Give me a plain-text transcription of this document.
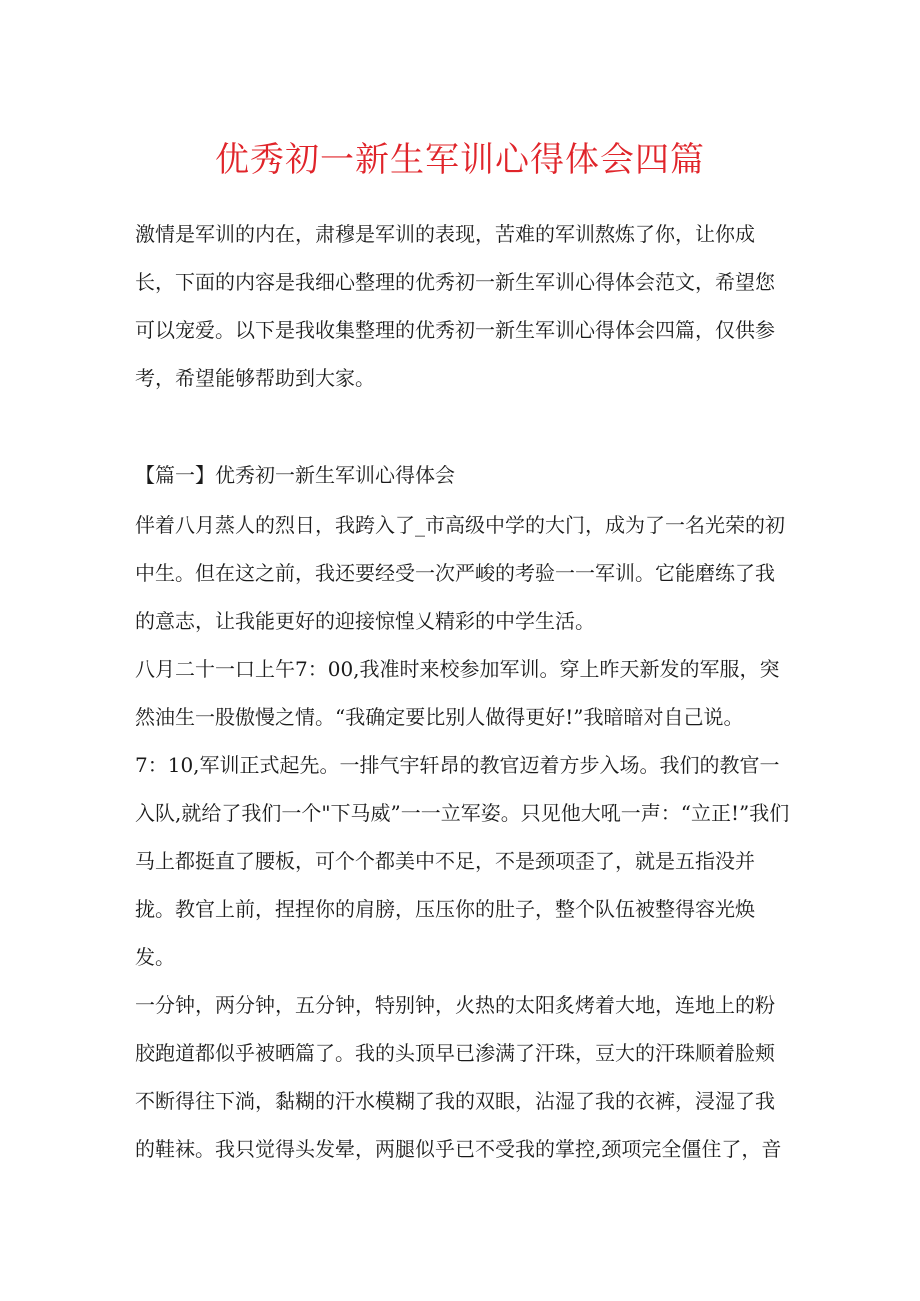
优秀初一新生军训心得体会四篇

激情是军训的内在，肃穆是军训的表现，苦难的军训熬炼了你，让你成长，下面的内容是我细心整理的优秀初一新生军训心得体会范文，希望您可以宠爱。以下是我收集整理的优秀初一新生军训心得体会四篇，仅供参考，希望能够帮助到大家。

【篇一】优秀初一新生军训心得体会

伴着八月蒸人的烈日，我跨入了_市高级中学的大门，成为了一名光荣的初中生。但在这之前，我还要经受一次严峻的考验一一军训。它能磨练了我的意志，让我能更好的迎接惊惶乂精彩的中学生活。

八月二十一口上午7：00,我准时来校参加军训。穿上昨天新发的军服，突然油生一股傲慢之情。“我确定要比别人做得更好!”我暗暗对自己说。

7：10,军训正式起先。一排气宇轩昂的教官迈着方步入场。我们的教官一入队,就给了我们一个"下马威”一一立军姿。只见他大吼一声：“立正!”我们马上都挺直了腰板，可个个都美中不足，不是颈项歪了，就是五指没并拢。教官上前，捏捏你的肩膀，压压你的肚子，整个队伍被整得容光焕发。

一分钟，两分钟，五分钟，特别钟，火热的太阳炙烤着大地，连地上的粉胶跑道都似乎被晒篇了。我的头顶早已渗满了汗珠，豆大的汗珠顺着脸颊不断得往下淌，黏糊的汗水模糊了我的双眼，沾湿了我的衣裤，浸湿了我的鞋袜。我只觉得头发晕，两腿似乎已不受我的掌控,颈项完全僵住了，音
